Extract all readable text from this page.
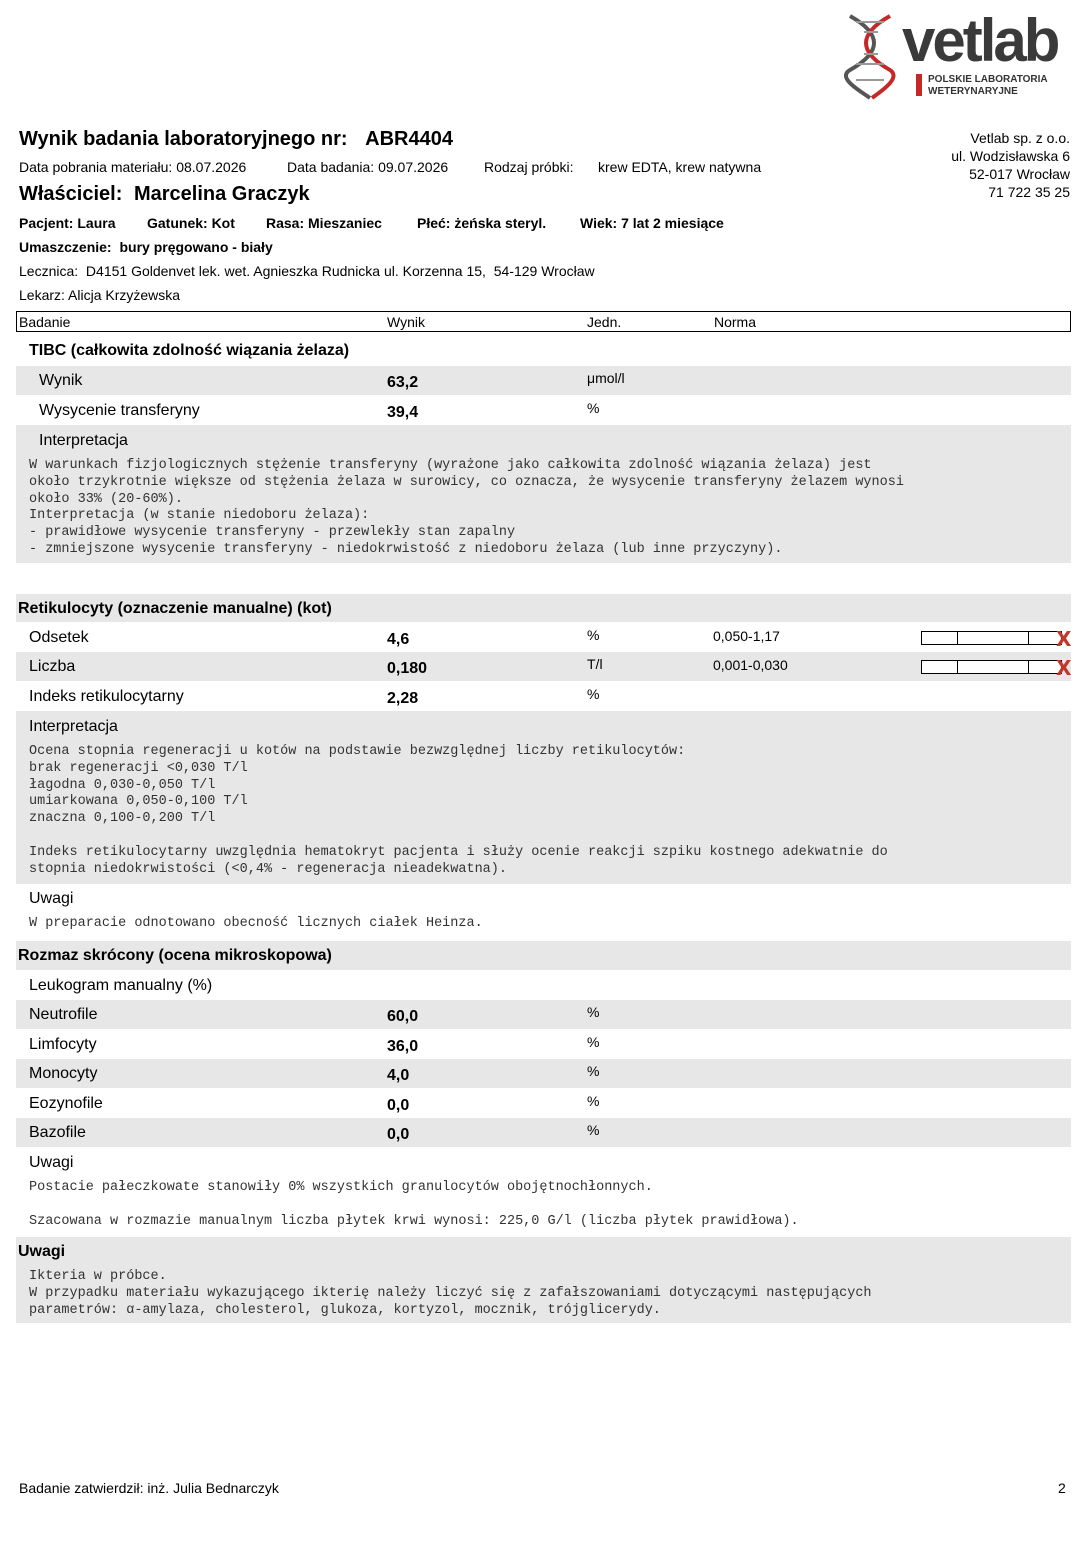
vetlab
POLSKIE LABORATORIA
WETERYNARYJNE
Wynik badania laboratoryjnego nr: ABR4404
Data pobrania materiału: 08.07.2026	Data badania: 09.07.2026	Rodzaj próbki: krew EDTA, krew natywna
Właściciel: Marcelina Graczyk
Pacjent: Laura Gatunek: Kot Rasa: Mieszaniec	Płeć: żeńska steryl. Wiek: 7 lat 2 miesiące
Umaszczenie: bury pręgowano - biały
Lecznica:  D4151 Goldenvet lek. wet. Agnieszka Rudnicka ul. Korzenna 15,  54-129 Wrocław
Lekarz: Alicja Krzyżewska
Vetlab sp. z o.o.
ul. Wodzisławska 6
52-017 Wrocław
71 722 35 25
Badanie	Wynik	Jedn.	Norma
TIBC (całkowita zdolność wiązania żelaza)
Wynik	63,2	μmol/l
Wysycenie transferyny	39,4	%
Interpretacja
W warunkach fizjologicznych stężenie transferyny (wyrażone jako całkowita zdolność wiązania żelaza) jest
około trzykrotnie większe od stężenia żelaza w surowicy, co oznacza, że wysycenie transferyny żelazem wynosi
około 33% (20-60%).
Interpretacja (w stanie niedoboru żelaza):
- prawidłowe wysycenie transferyny - przewlekły stan zapalny
- zmniejszone wysycenie transferyny - niedokrwistość z niedoboru żelaza (lub inne przyczyny).
Retikulocyty (oznaczenie manualne) (kot)
Odsetek	4,6	%	0,050-1,17	X
Liczba	0,180	T/l	0,001-0,030	X
Indeks retikulocytarny	2,28	%
Interpretacja
Ocena stopnia regeneracji u kotów na podstawie bezwzględnej liczby retikulocytów:
brak regeneracji <0,030 T/l
łagodna 0,030-0,050 T/l
umiarkowana 0,050-0,100 T/l
znaczna 0,100-0,200 T/l

Indeks retikulocytarny uwzględnia hematokryt pacjenta i służy ocenie reakcji szpiku kostnego adekwatnie do
stopnia niedokrwistości (<0,4% - regeneracja nieadekwatna).
Uwagi
W preparacie odnotowano obecność licznych ciałek Heinza.
Rozmaz skrócony (ocena mikroskopowa)
Leukogram manualny (%)
Neutrofile	60,0	%
Limfocyty	36,0	%
Monocyty	4,0	%
Eozynofile	0,0	%
Bazofile	0,0	%
Uwagi
Postacie pałeczkowate stanowiły 0% wszystkich granulocytów obojętnochłonnych.

Szacowana w rozmazie manualnym liczba płytek krwi wynosi: 225,0 G/l (liczba płytek prawidłowa).
Uwagi
Ikteria w próbce.
W przypadku materiału wykazującego ikterię należy liczyć się z zafałszowaniami dotyczącymi następujących
parametrów: α-amylaza, cholesterol, glukoza, kortyzol, mocznik, trójglicerydy.
Badanie zatwierdził: inż. Julia Bednarczyk	2
